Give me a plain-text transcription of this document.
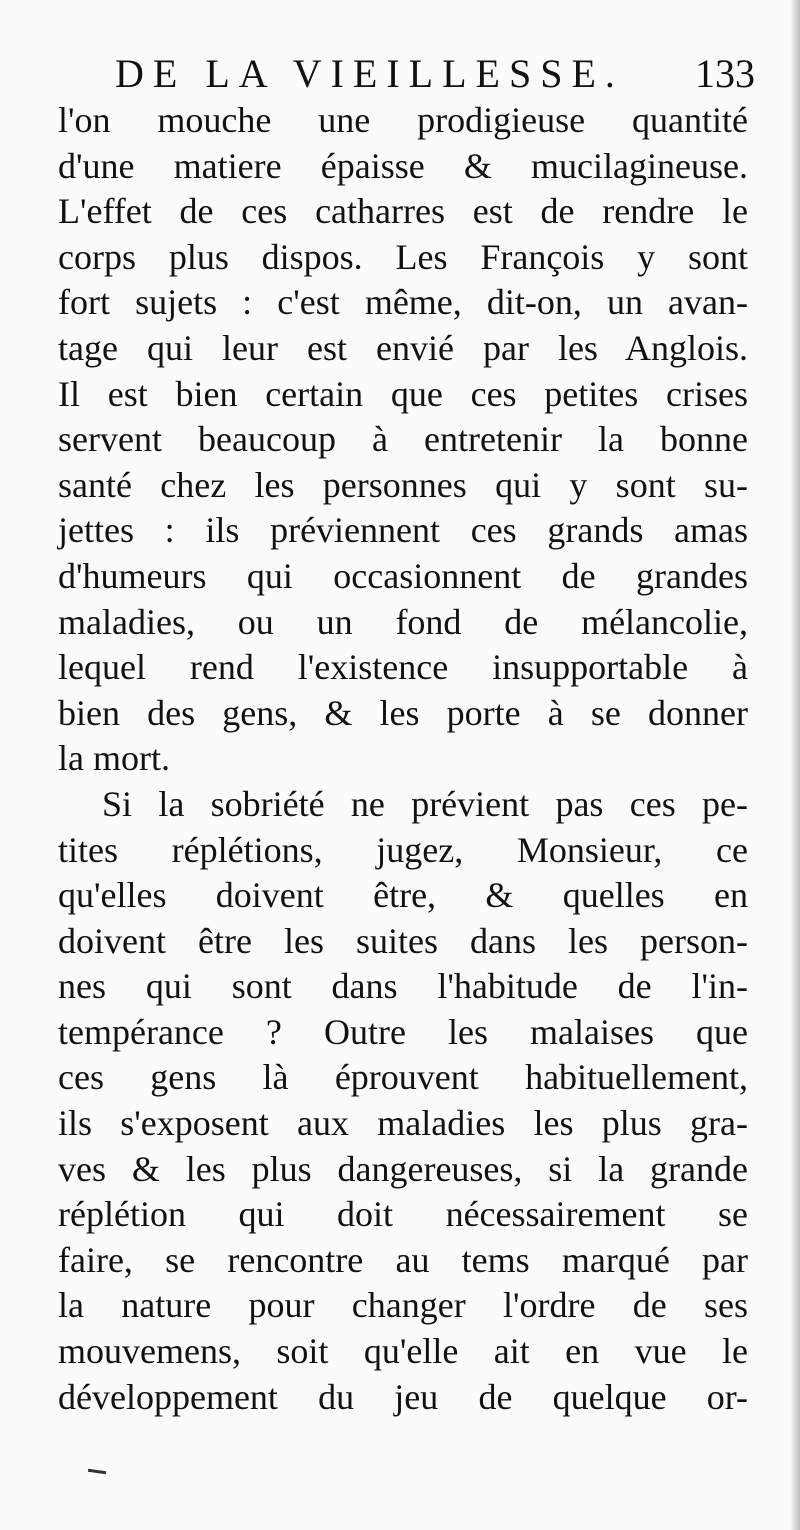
DE LA VIEILLESSE. 133
l'on mouche une prodigieuse quantité
d'une matiere épaisse & mucilagineuse.
L'effet de ces catharres est de rendre le
corps plus dispos. Les François y sont
fort sujets : c'est même, dit-on, un avan-
tage qui leur est envié par les Anglois.
Il est bien certain que ces petites crises
servent beaucoup à entretenir la bonne
santé chez les personnes qui y sont su-
jettes : ils préviennent ces grands amas
d'humeurs qui occasionnent de grandes
maladies, ou un fond de mélancolie,
lequel rend l'existence insupportable à
bien des gens, & les porte à se donner
la mort.
Si la sobriété ne prévient pas ces pe-
tites réplétions, jugez, Monsieur, ce
qu'elles doivent être, & quelles en
doivent être les suites dans les person-
nes qui sont dans l'habitude de l'in-
tempérance ? Outre les malaises que
ces gens là éprouvent habituellement,
ils s'exposent aux maladies les plus gra-
ves & les plus dangereuses, si la grande
réplétion qui doit nécessairement se
faire, se rencontre au tems marqué par
la nature pour changer l'ordre de ses
mouvemens, soit qu'elle ait en vue le
développement du jeu de quelque or-
